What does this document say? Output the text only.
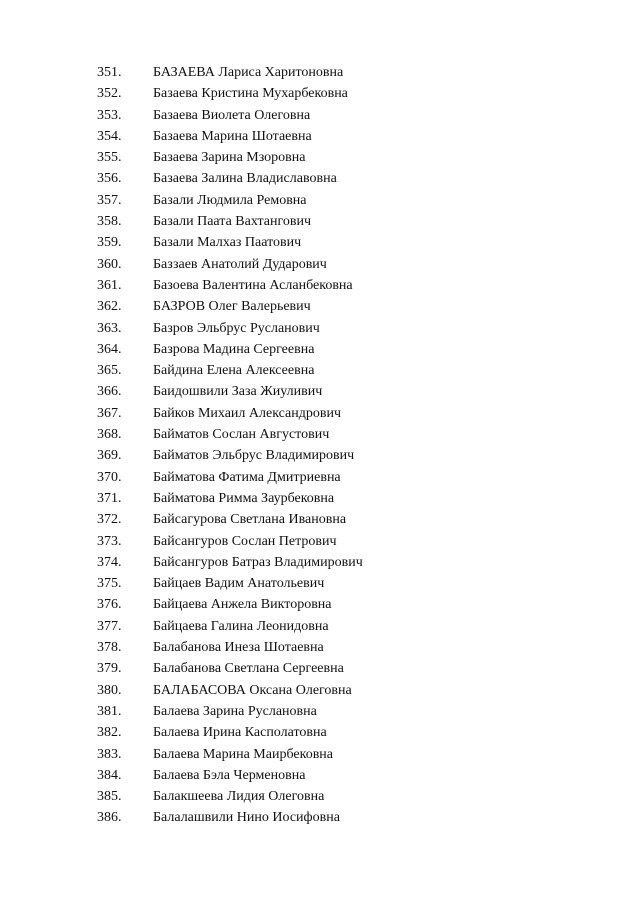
351. БАЗАЕВА Лариса Харитоновна
352. Базаева Кристина Мухарбековна
353. Базаева Виолета Олеговна
354. Базаева Марина Шотаевна
355. Базаева Зарина Мзоровна
356. Базаева Залина Владиславовна
357. Базали Людмила Ремовна
358. Базали Паата Вахтангович
359. Базали Малхаз Паатович
360. Баззаев Анатолий Дударович
361. Базоева Валентина Асланбековна
362. БАЗРОВ Олег Валерьевич
363. Базров Эльбрус Русланович
364. Базрова Мадина Сергеевна
365. Байдина Елена Алексеевна
366. Баидошвили Заза Жиуливич
367. Байков Михаил Александрович
368. Байматов Сослан Августович
369. Байматов Эльбрус Владимирович
370. Байматова Фатима Дмитриевна
371. Байматова Римма Заурбековна
372. Байсагурова Светлана Ивановна
373. Байсангуров Сослан Петрович
374. Байсангуров Батраз Владимирович
375. Байцаев Вадим Анатольевич
376. Байцаева Анжела Викторовна
377. Байцаева Галина Леонидовна
378. Балабанова Инеза Шотаевна
379. Балабанова Светлана Сергеевна
380. БАЛАБАСОВА Оксана Олеговна
381. Балаева Зарина Руслановна
382. Балаева Ирина Касполатовна
383. Балаева Марина Маирбековна
384. Балаева Бэла Черменовна
385. Балакшеева Лидия Олеговна
386. Балалашвили Нино Иосифовна
